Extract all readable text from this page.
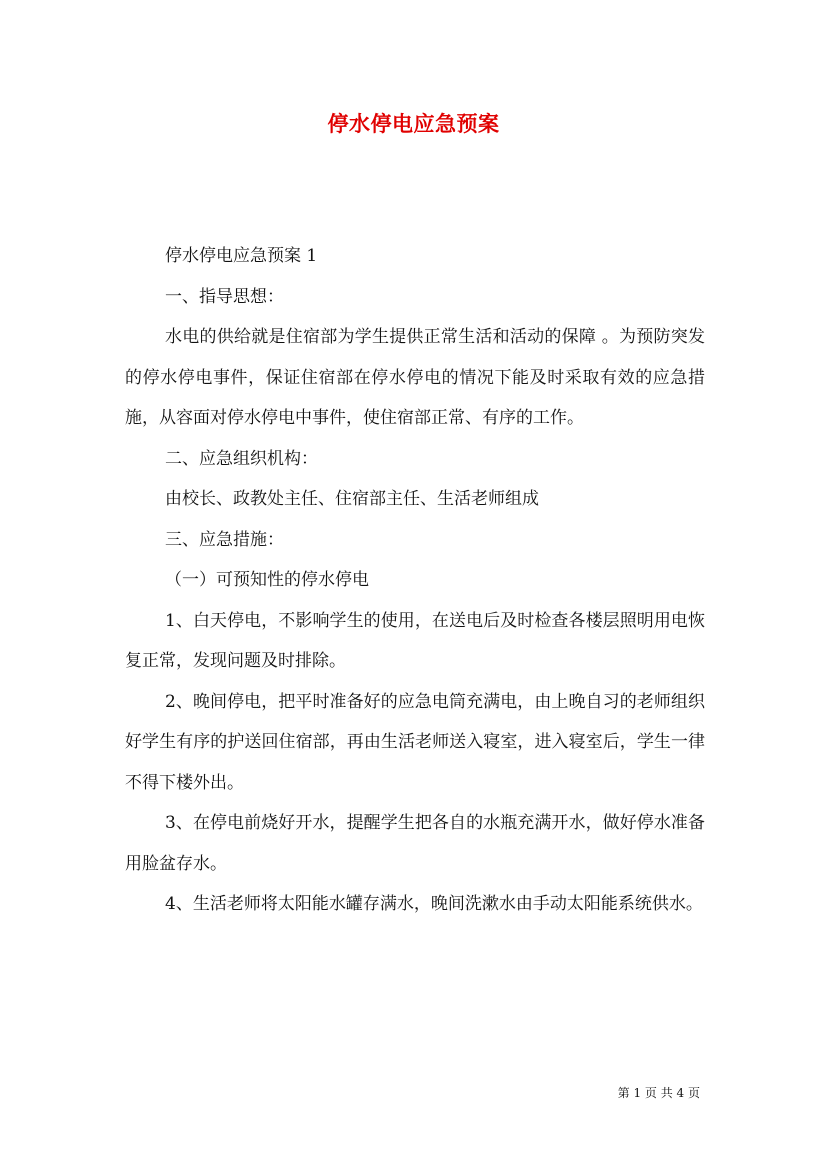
停水停电应急预案

停水停电应急预案 1

一、指导思想：

水电的供给就是住宿部为学生提供正常生活和活动的保障 。为预防突发的停水停电事件，保证住宿部在停水停电的情况下能及时采取有效的应急措施，从容面对停水停电中事件，使住宿部正常、有序的工作。

二、应急组织机构：

由校长、政教处主任、住宿部主任、生活老师组成

三、应急措施：

（一）可预知性的停水停电

1、白天停电，不影响学生的使用，在送电后及时检查各楼层照明用电恢复正常，发现问题及时排除。

2、晚间停电，把平时准备好的应急电筒充满电，由上晚自习的老师组织好学生有序的护送回住宿部，再由生活老师送入寝室，进入寝室后，学生一律不得下楼外出。

3、在停电前烧好开水，提醒学生把各自的水瓶充满开水，做好停水准备用脸盆存水。

4、生活老师将太阳能水罐存满水，晚间洗漱水由手动太阳能系统供水。

第 1 页 共 4 页
